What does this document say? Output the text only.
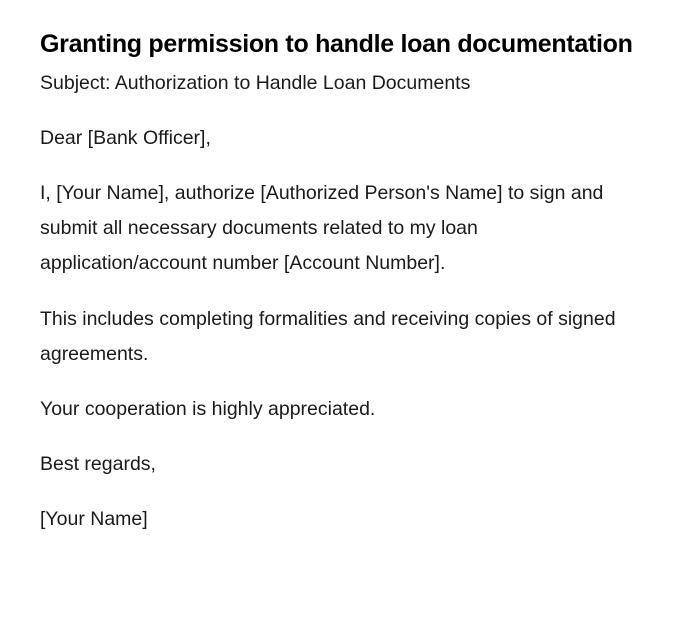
Granting permission to handle loan documentation

Subject: Authorization to Handle Loan Documents

Dear [Bank Officer],

I, [Your Name], authorize [Authorized Person's Name] to sign and submit all necessary documents related to my loan application/account number [Account Number].

This includes completing formalities and receiving copies of signed agreements.

Your cooperation is highly appreciated.

Best regards,

[Your Name]
